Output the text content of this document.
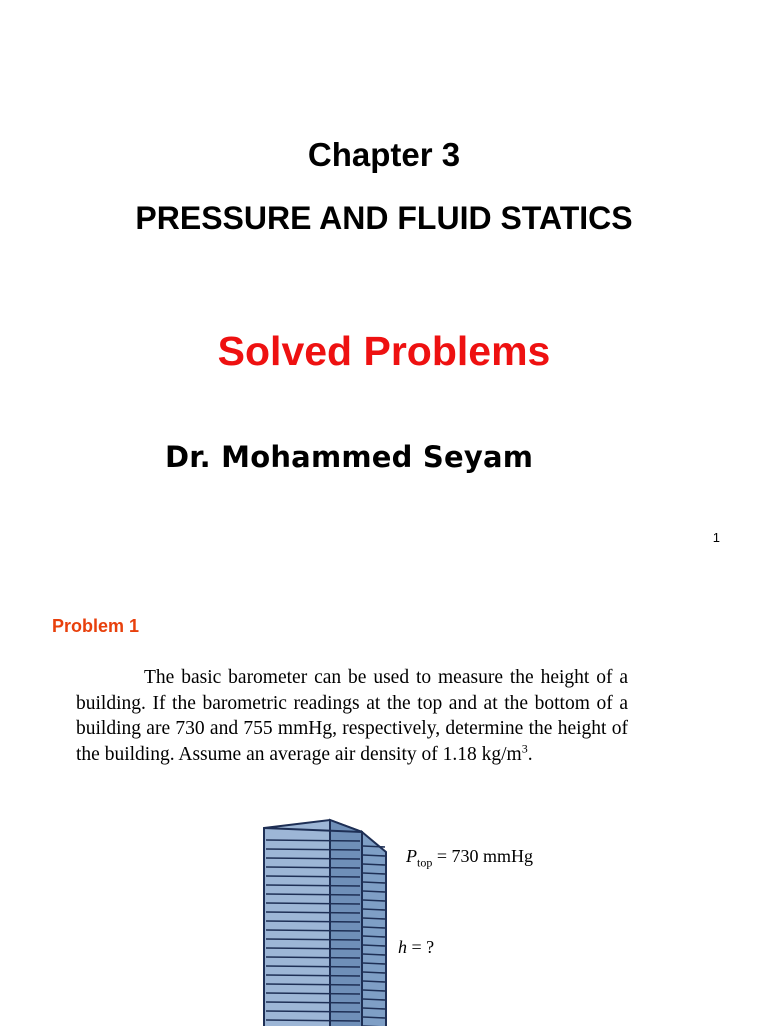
Chapter 3
PRESSURE AND FLUID STATICS
Solved Problems
Dr. Mohammed Seyam
1
Problem 1

The basic barometer can be used to measure the height of a building. If the barometric readings at the top and at the bottom of a building are 730 and 755 mmHg, respectively, determine the height of the building. Assume an average air density of 1.18 $kg/m^3$.

$P_{top} = 730$ mmHg
h = ?
